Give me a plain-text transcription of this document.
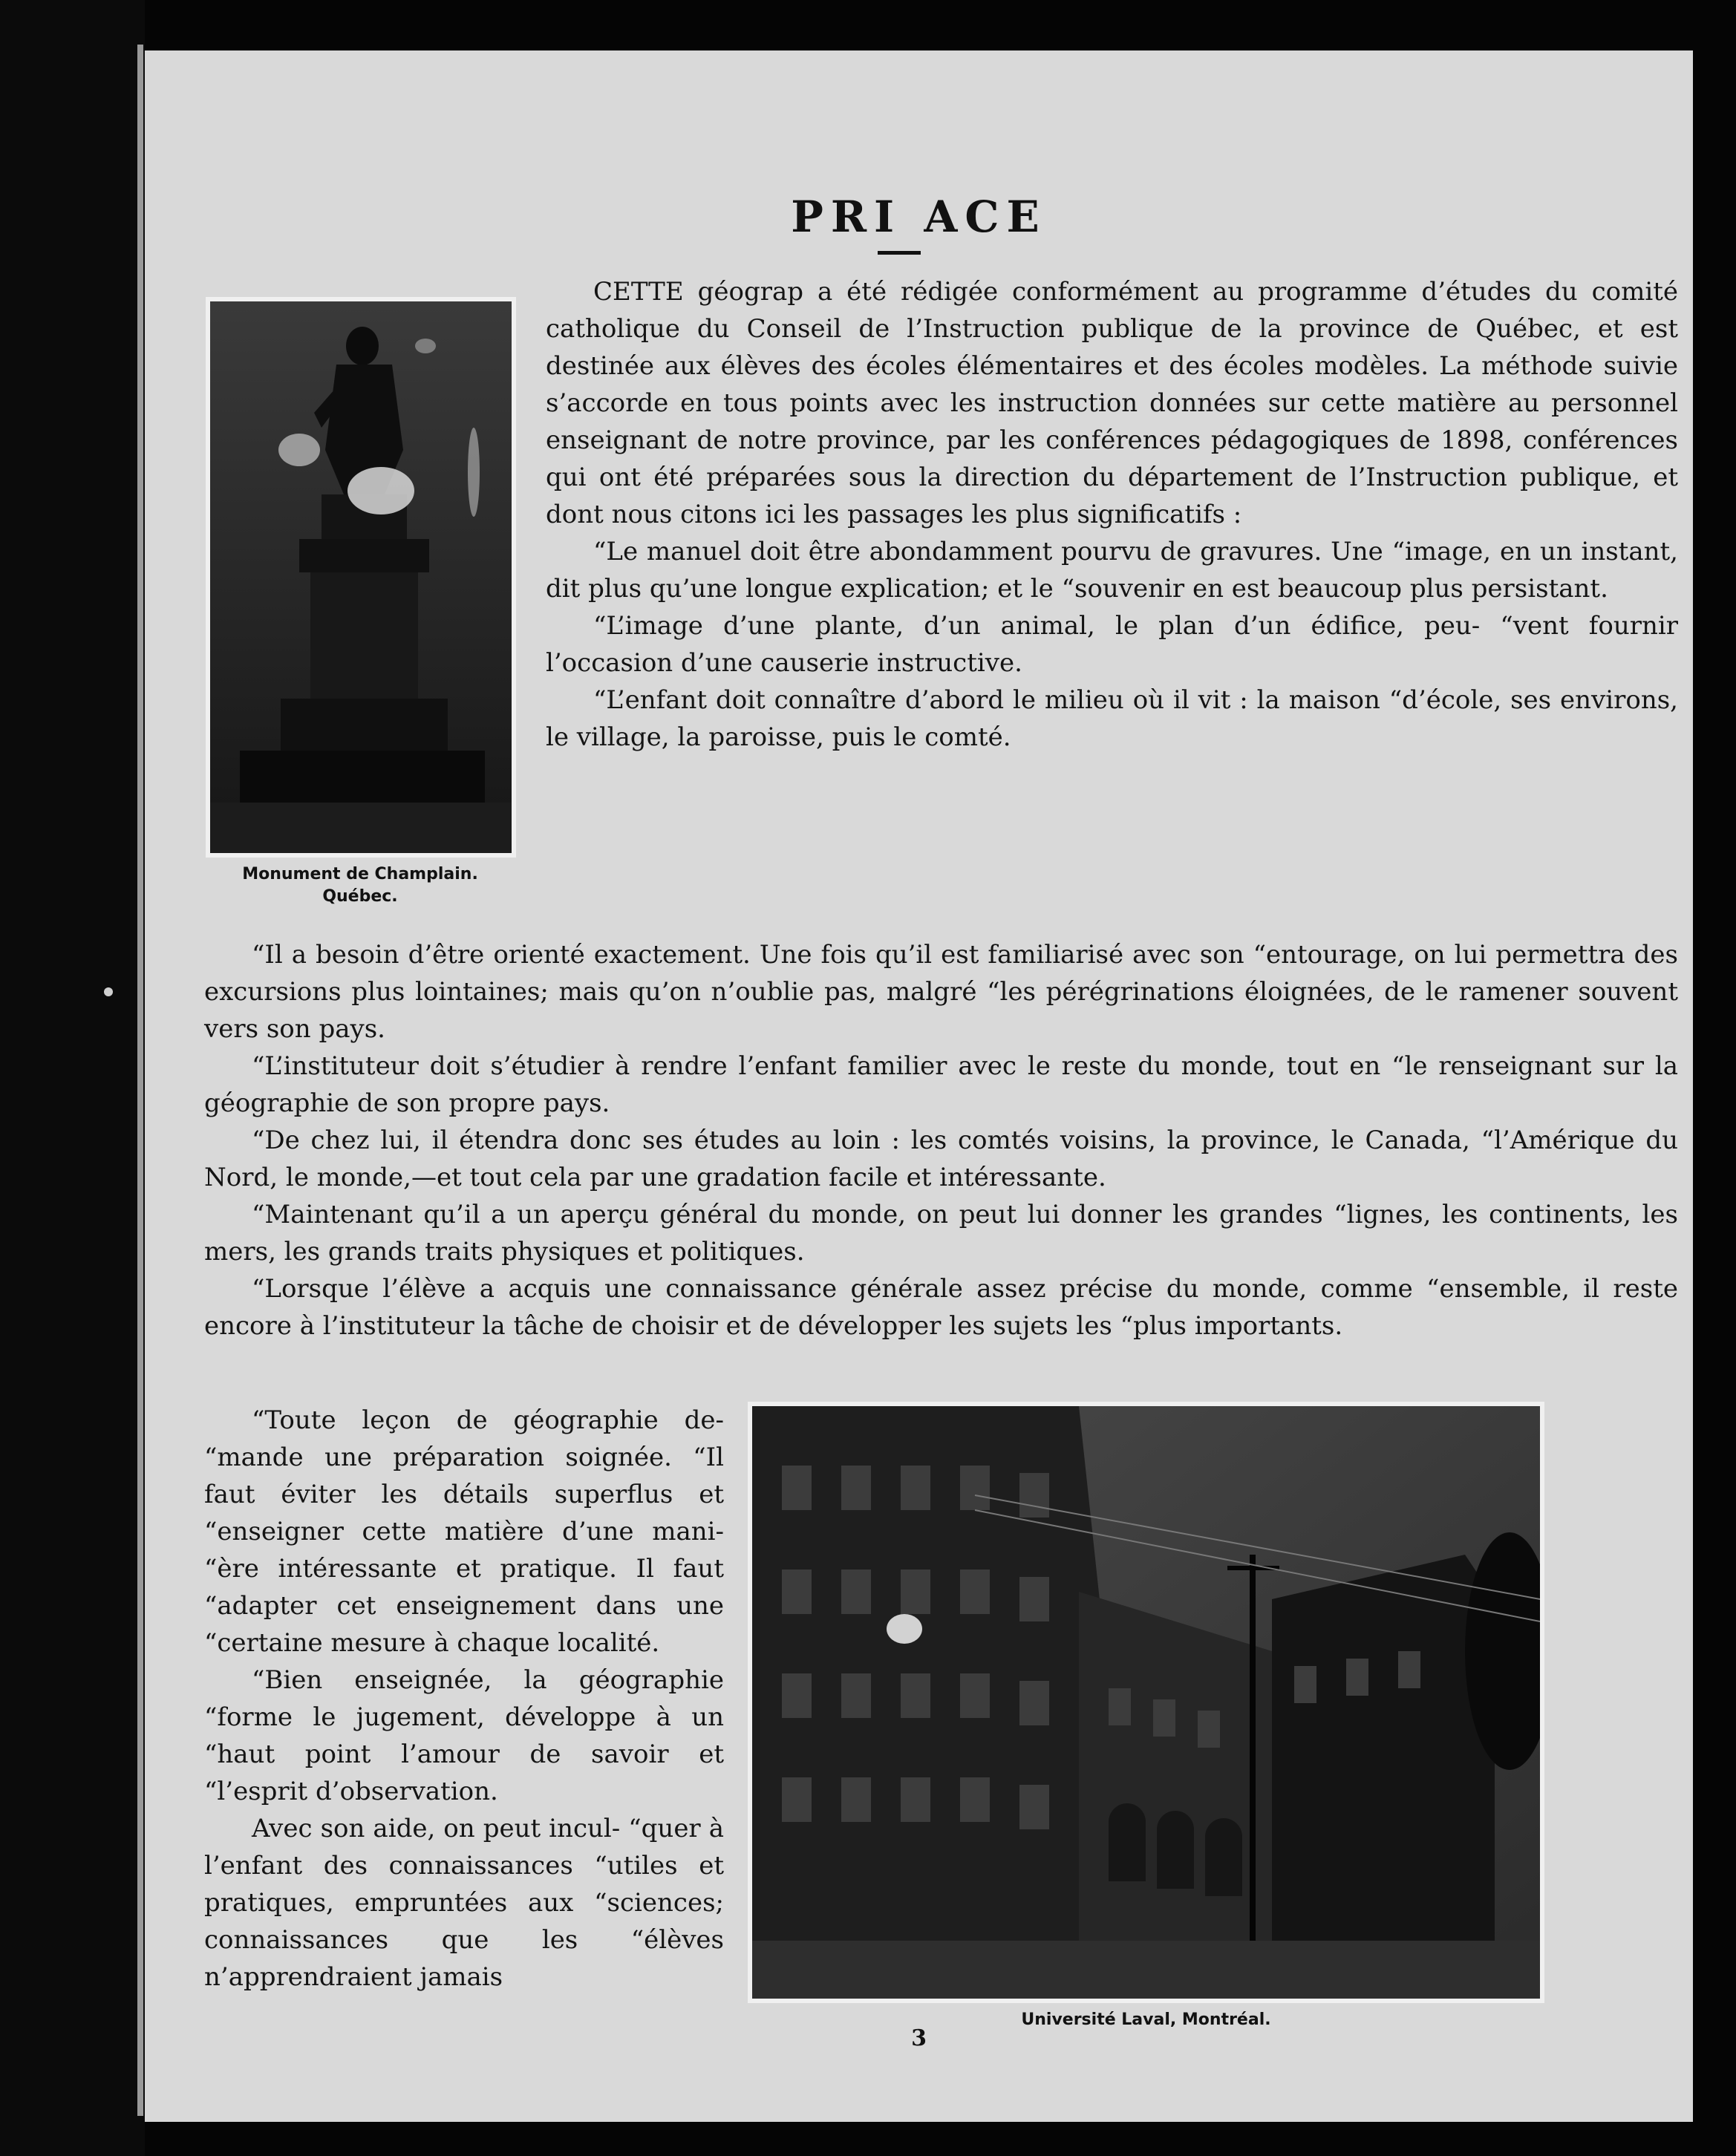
PRI ACE
Monument de Champlain.
Québec.

CETTE géograp a été rédigée conformément au programme d’études du comité catholique du Conseil de l’Instruction publique de la province de Québec, et est destinée aux élèves des écoles élémentaires et des écoles modèles. La méthode suivie s’accorde en tous points avec les instruction données sur cette matière au personnel enseignant de notre province, par les conférences pédagogiques de 1898, conférences qui ont été préparées sous la direction du département de l’Instruction publique, et dont nous citons ici les passages les plus significatifs :

“Le manuel doit être abondamment pourvu de gravures. Une “image, en un instant, dit plus qu’une longue explication; et le “souvenir en est beaucoup plus persistant.

“L’image d’une plante, d’un animal, le plan d’un édifice, peu- “vent fournir l’occasion d’une causerie instructive.

“L’enfant doit connaître d’abord le milieu où il vit : la maison “d’école, ses environs, le village, la paroisse, puis le comté.

“Il a besoin d’être orienté exactement. Une fois qu’il est familiarisé avec son “entourage, on lui permettra des excursions plus lointaines; mais qu’on n’oublie pas, malgré “les pérégrinations éloignées, de le ramener souvent vers son pays.

“L’instituteur doit s’étudier à rendre l’enfant familier avec le reste du monde, tout en “le renseignant sur la géographie de son propre pays.

“De chez lui, il étendra donc ses études au loin : les comtés voisins, la province, le Canada, “l’Amérique du Nord, le monde,—et tout cela par une gradation facile et intéressante.

“Maintenant qu’il a un aperçu général du monde, on peut lui donner les grandes “lignes, les continents, les mers, les grands traits physiques et politiques.

“Lorsque l’élève a acquis une connaissance générale assez précise du monde, comme “ensemble, il reste encore à l’instituteur la tâche de choisir et de développer les sujets les “plus importants.

“Toute leçon de géographie de- “mande une préparation soignée. “Il faut éviter les détails superflus et “enseigner cette matière d’une mani- “ère intéressante et pratique. Il faut “adapter cet enseignement dans une “certaine mesure à chaque localité.

“Bien enseignée, la géographie “forme le jugement, développe à un “haut point l’amour de savoir et “l’esprit d’observation.

Avec son aide, on peut incul- “quer à l’enfant des connaissances “utiles et pratiques, empruntées aux “sciences; connaissances que les “élèves n’apprendraient jamais

Université Laval, Montréal.
3
